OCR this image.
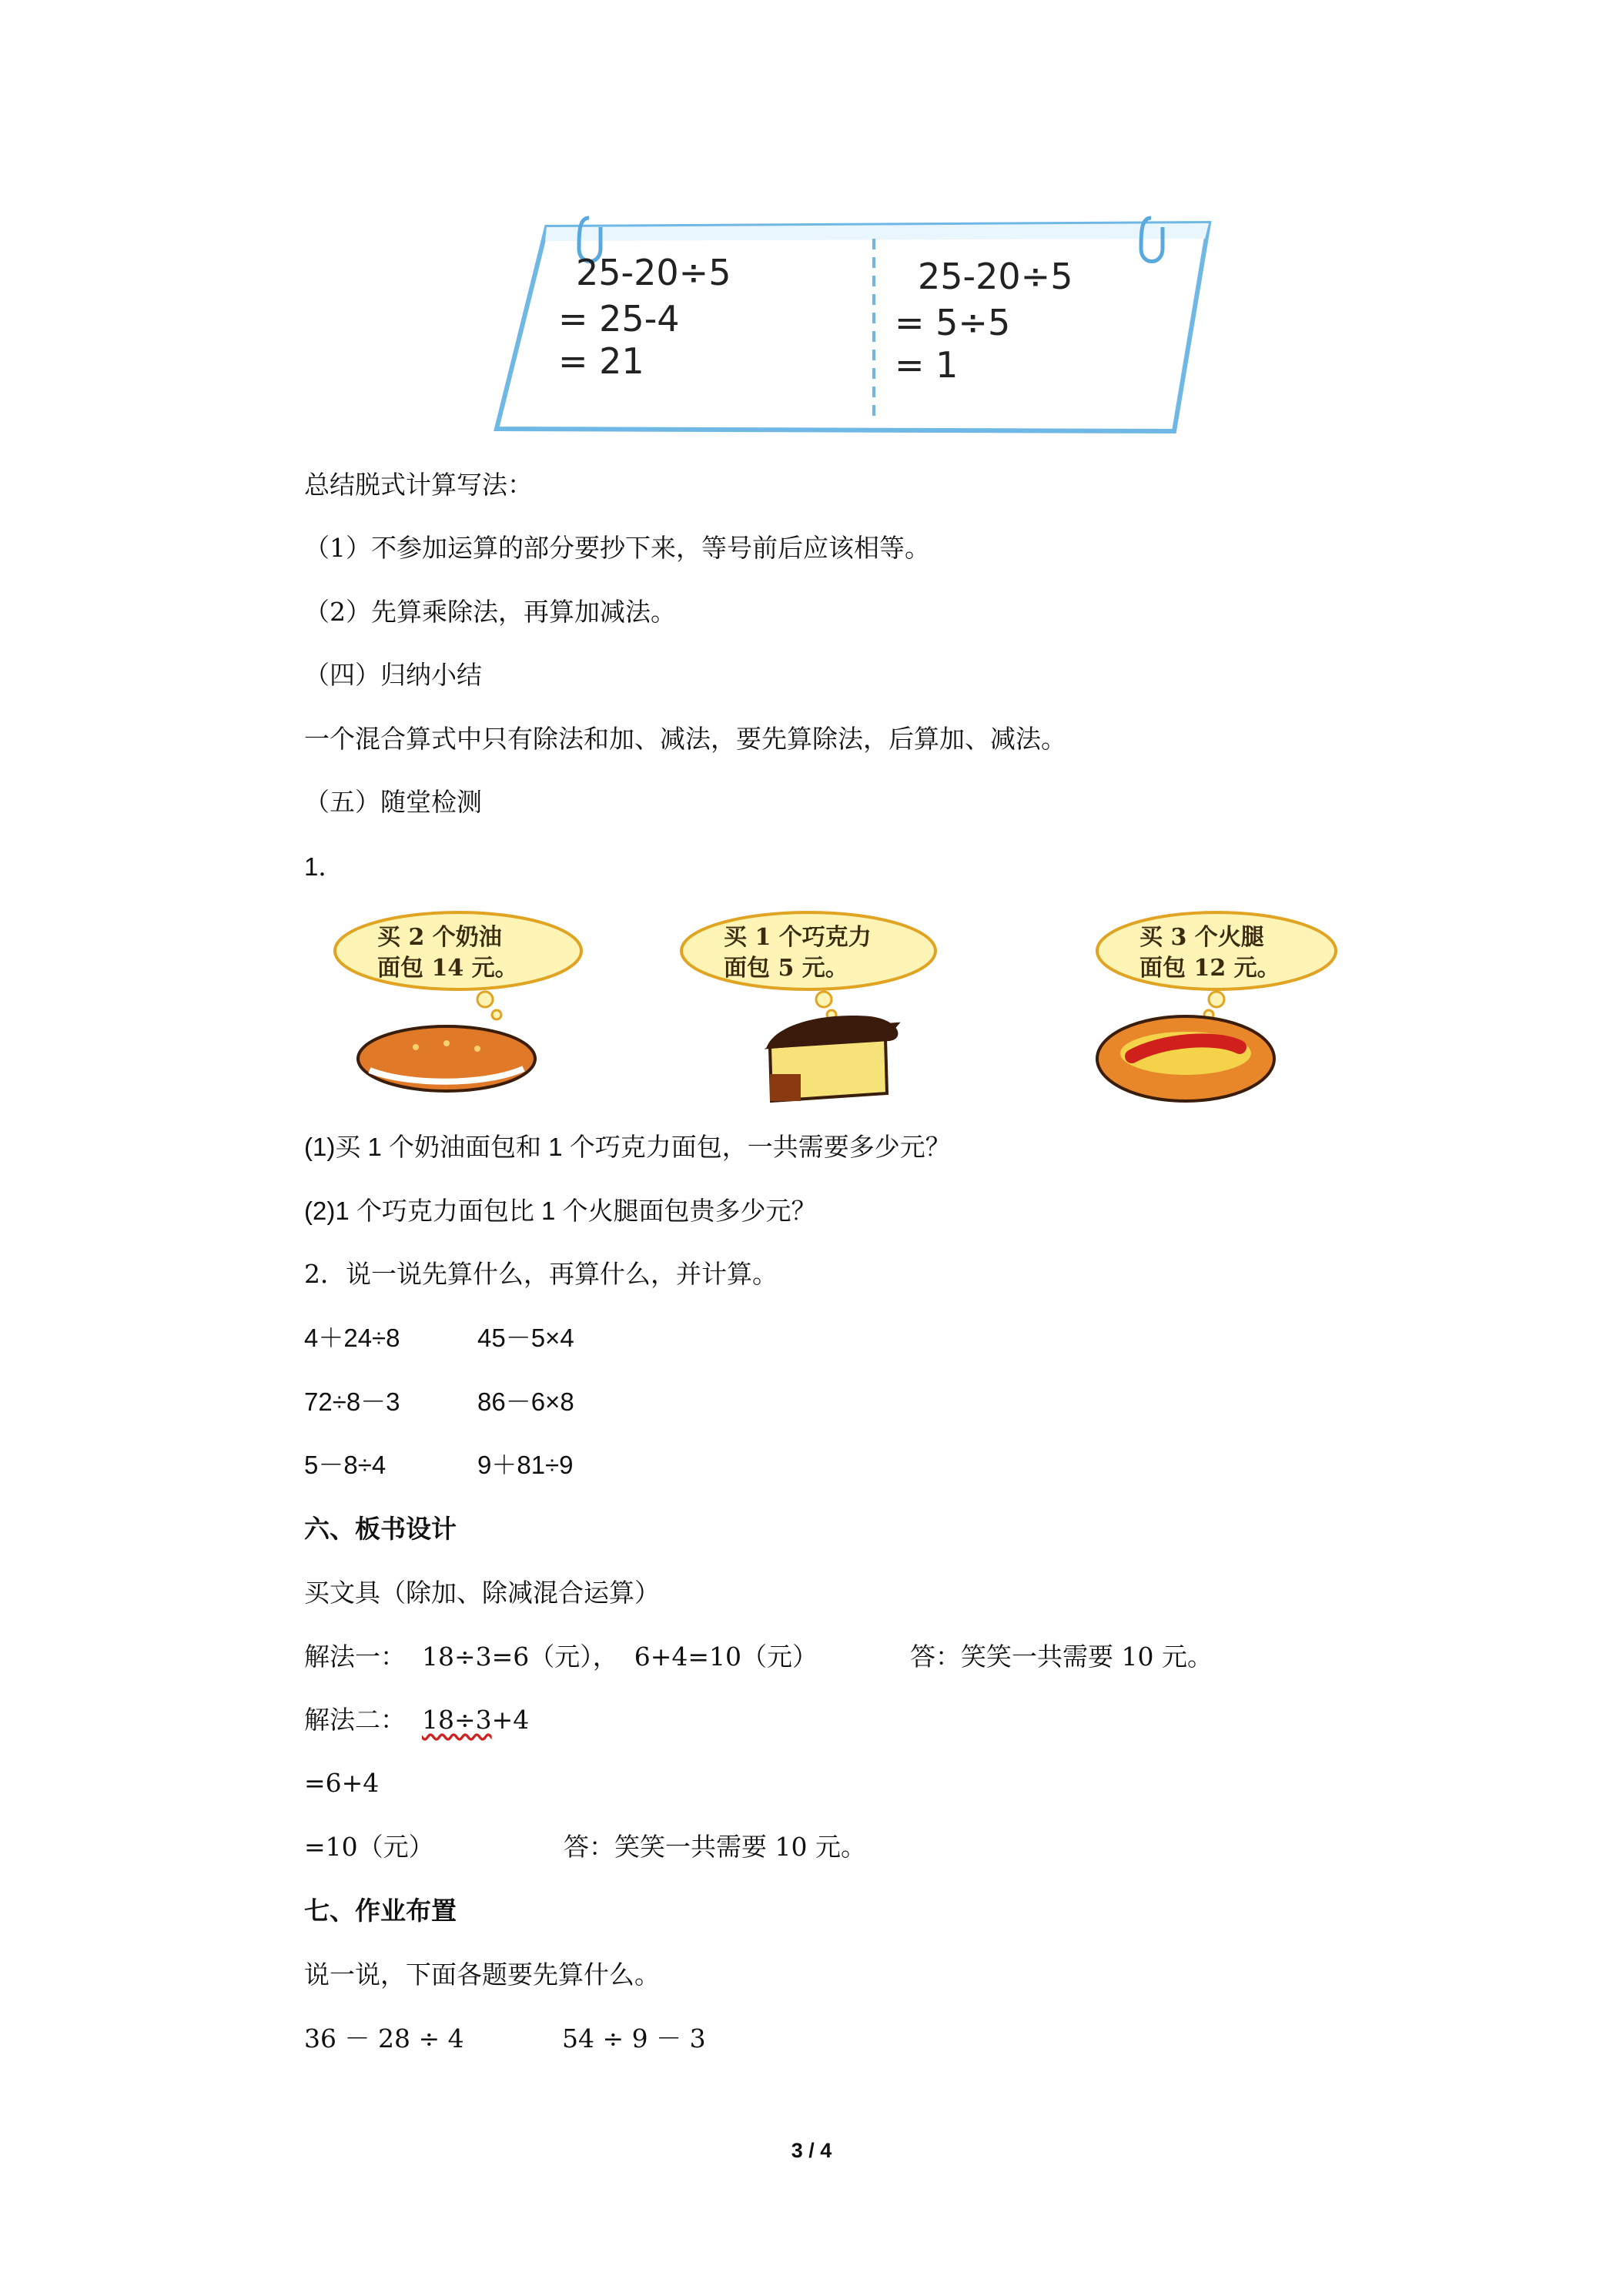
25-20÷5
= 25-4
= 21
25-20÷5
= 5÷5
= 1
总结脱式计算写法：
（1）不参加运算的部分要抄下来，等号前后应该相等。
（2）先算乘除法，再算加减法。
（四）归纳小结
一个混合算式中只有除法和加、减法，要先算除法，后算加、减法。
（五）随堂检测
1．
买 2 个奶油
面包 14 元。
买 1 个巧克力
面包 5 元。
买 3 个火腿
面包 12 元。
(1)买 1 个奶油面包和 1 个巧克力面包，一共需要多少元？
(2)1 个巧克力面包比 1 个火腿面包贵多少元？
2．说一说先算什么，再算什么，并计算。
4＋24÷8	45－5×4
72÷8－3	86－6×8
5－8÷4	9＋81÷9
六、板书设计
买文具（除加、除减混合运算）
解法一：  18÷3=6（元），  6+4=10（元）	答：笑笑一共需要 10 元。
解法二： 18÷3+4
=6+4
=10（元）	答：笑笑一共需要 10 元。
七、作业布置
说一说，下面各题要先算什么。
36 － 28 ÷ 4	54 ÷ 9 － 3
3 / 4
